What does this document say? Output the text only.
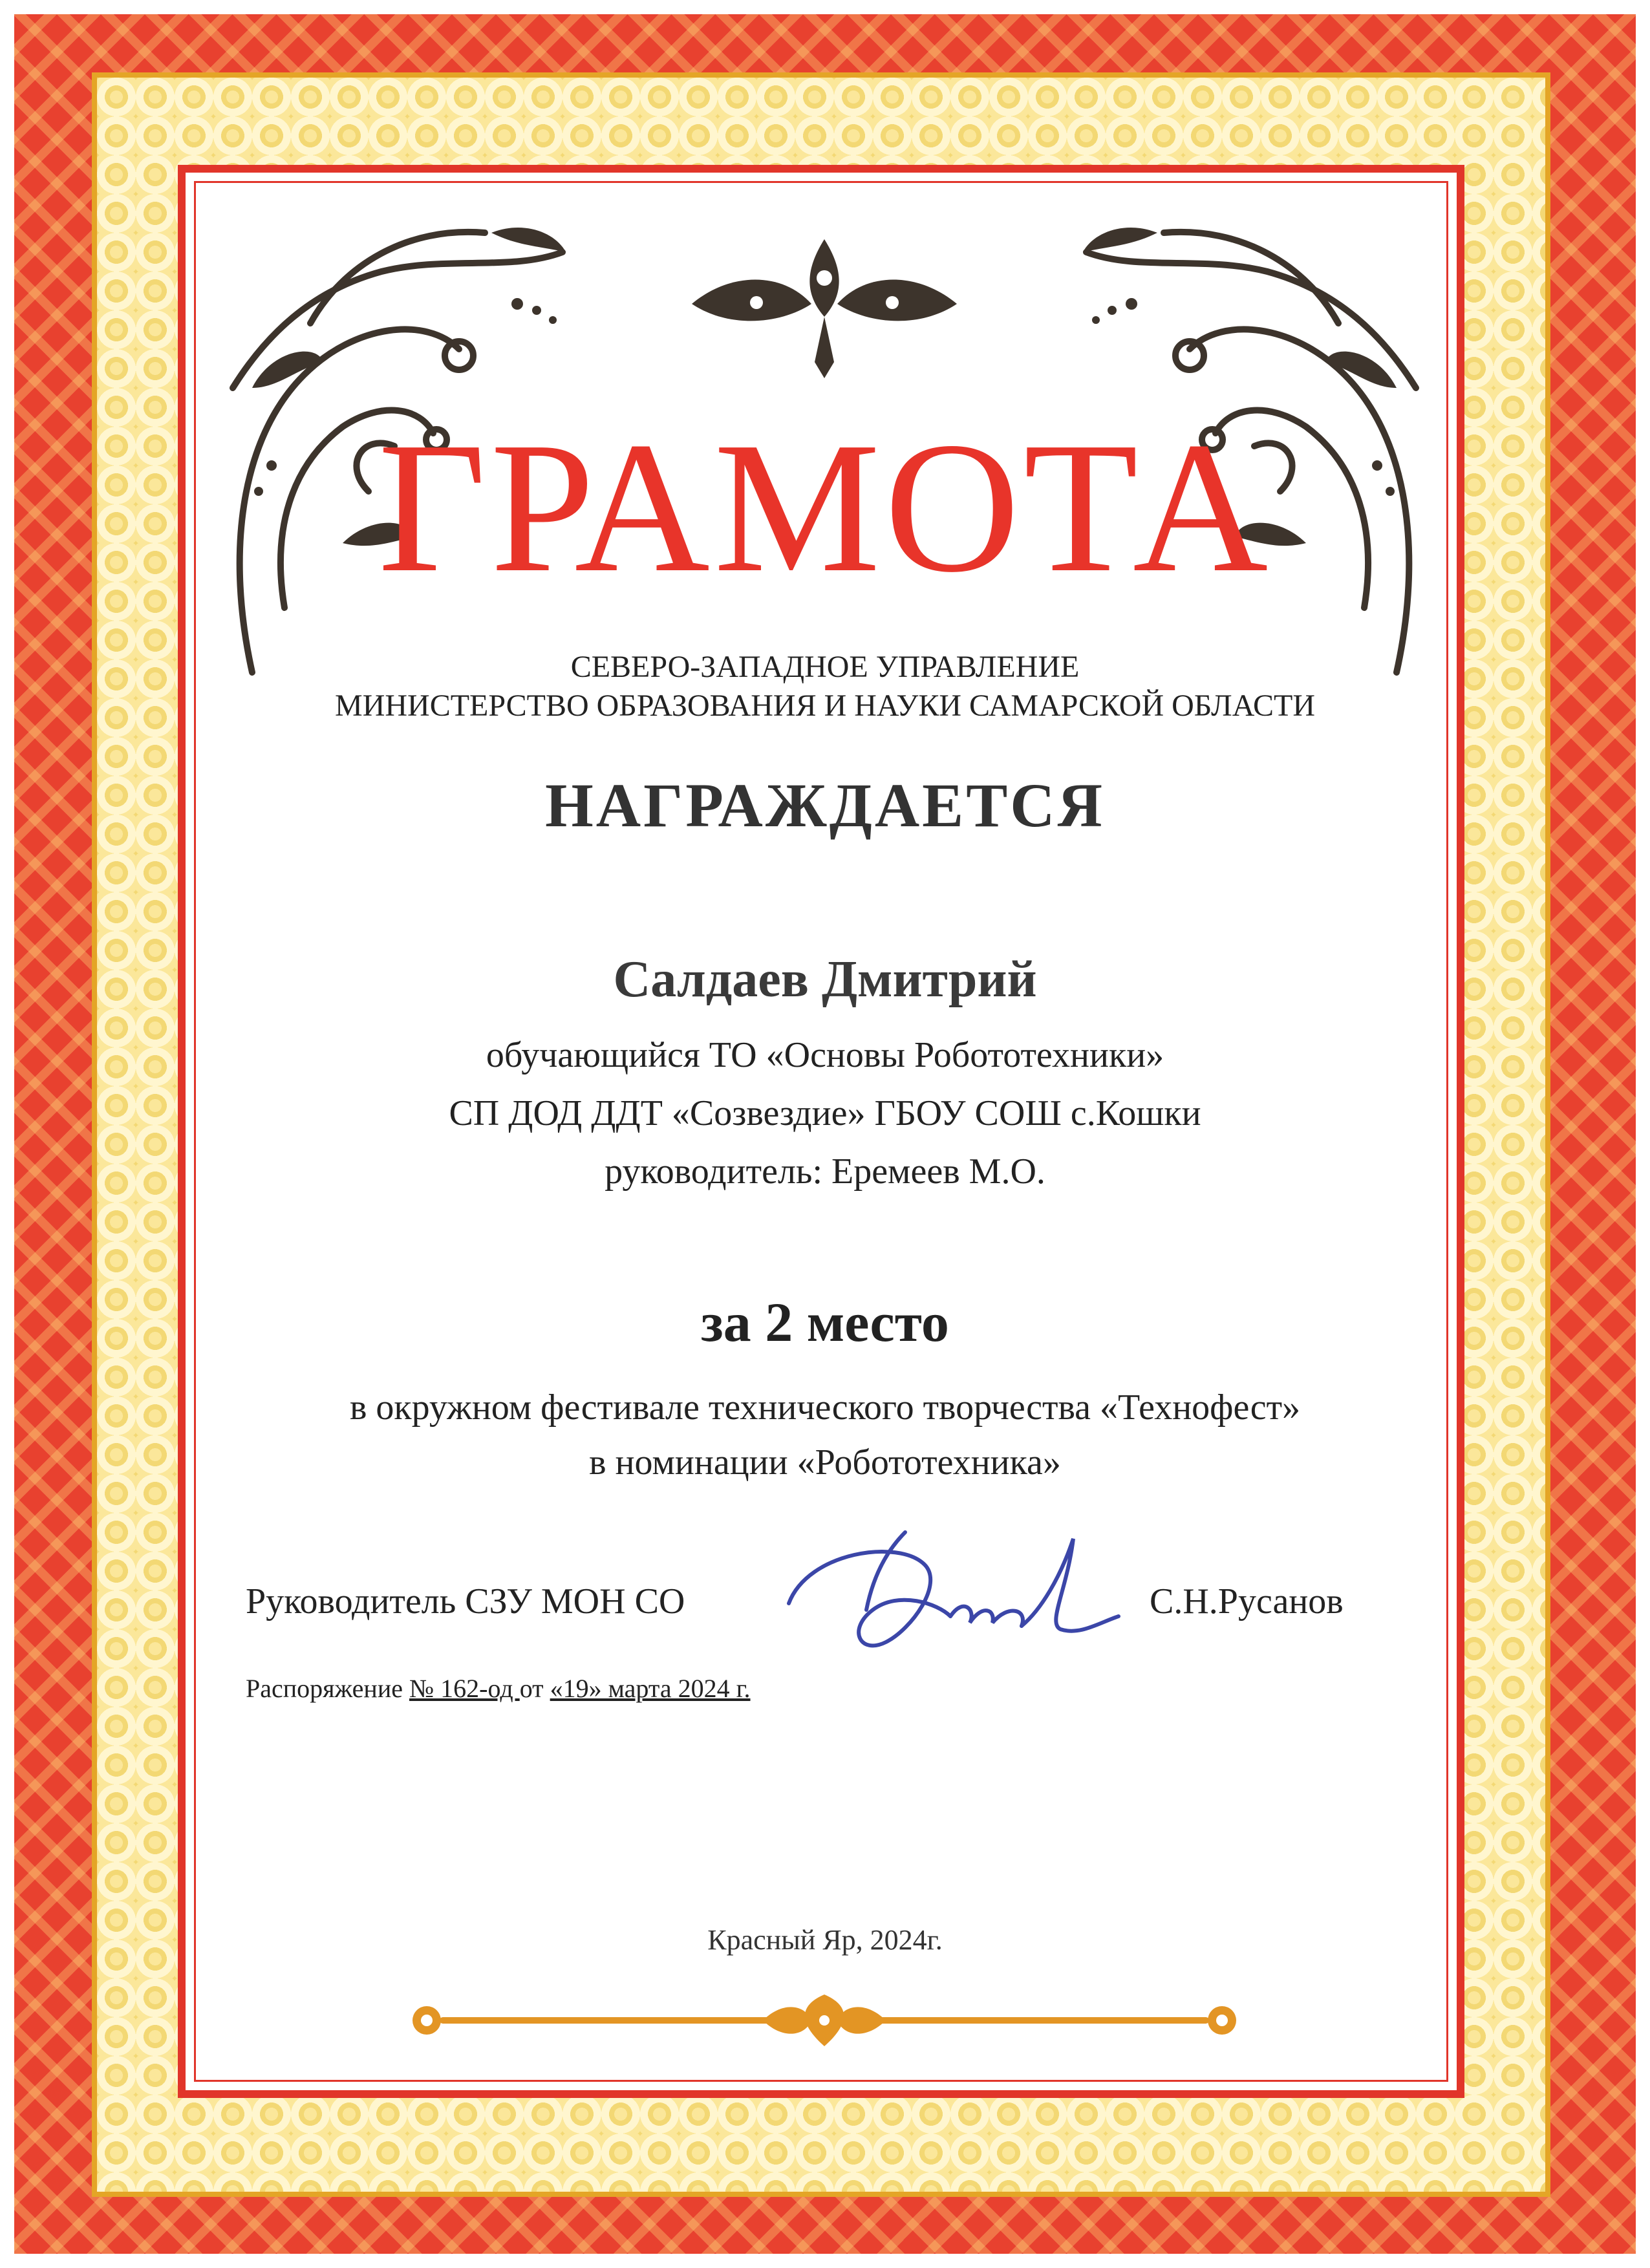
ГРАМОТА
СЕВЕРО-ЗАПАДНОЕ УПРАВЛЕНИЕ
МИНИСТЕРСТВО ОБРАЗОВАНИЯ И НАУКИ САМАРСКОЙ ОБЛАСТИ
НАГРАЖДАЕТСЯ
Салдаев Дмитрий
обучающийся ТО «Основы Робототехники»
СП ДОД ДДТ «Созвездие» ГБОУ СОШ с.Кошки
руководитель: Еремеев М.О.
за 2 место
в окружном фестивале технического творчества «Технофест»
в номинации «Робототехника»
Руководитель СЗУ МОН СО	С.Н.Русанов
Распоряжение № 162-од от «19» марта 2024 г.
Красный Яр, 2024г.
